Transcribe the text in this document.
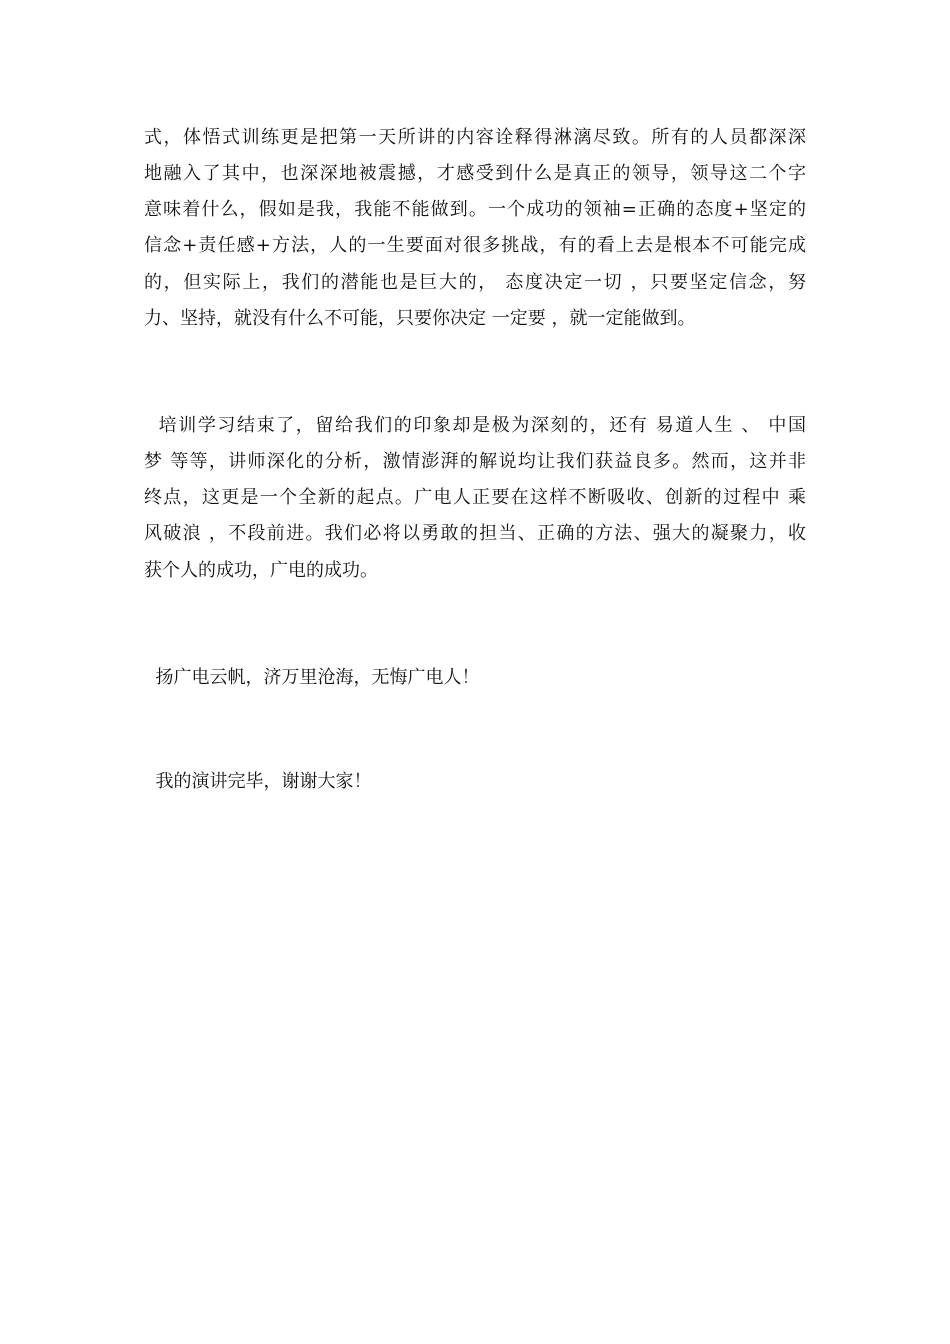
式，体悟式训练更是把第一天所讲的内容诠释得淋漓尽致。所有的人员都深深
地融入了其中，也深深地被震撼，才感受到什么是真正的领导，领导这二个字
意味着什么，假如是我，我能不能做到。一个成功的领袖=正确的态度+坚定的
信念+责任感+方法，人的一生要面对很多挑战，有的看上去是根本不可能完成
的，但实际上，我们的潜能也是巨大的， 态度决定一切 ，只要坚定信念，努
力、坚持，就没有什么不可能，只要你决定 一定要 ，就一定能做到。
培训学习结束了，留给我们的印象却是极为深刻的，还有 易道人生 、 中国
梦 等等，讲师深化的分析，激情澎湃的解说均让我们获益良多。然而，这并非
终点，这更是一个全新的起点。广电人正要在这样不断吸收、创新的过程中 乘
风破浪 ，不段前进。我们必将以勇敢的担当、正确的方法、强大的凝聚力，收
获个人的成功，广电的成功。
扬广电云帆，济万里沧海，无悔广电人！
我的演讲完毕，谢谢大家！
